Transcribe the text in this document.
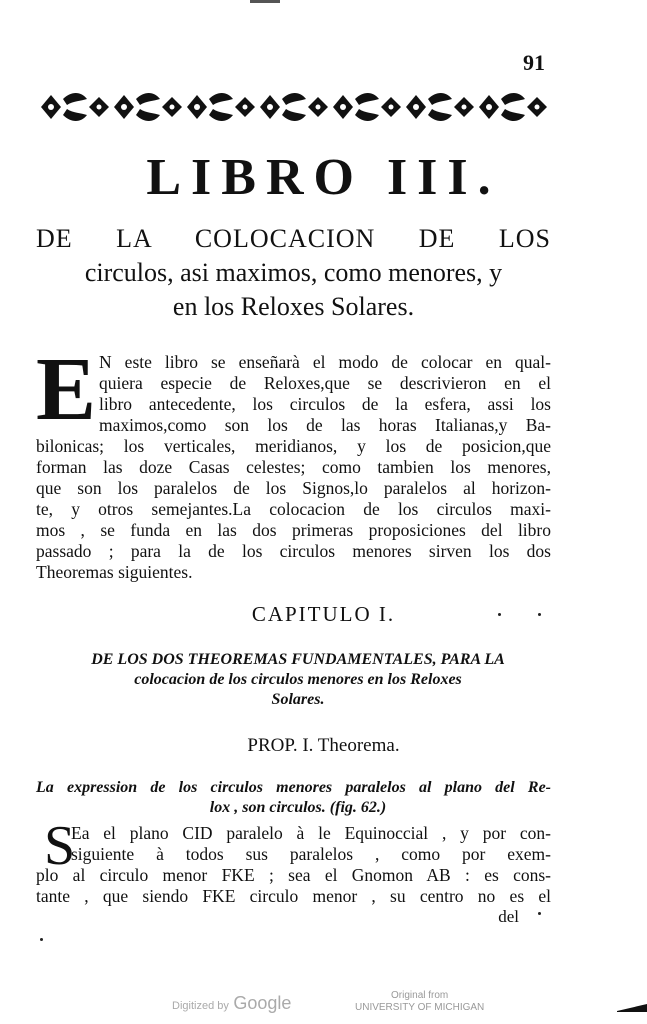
91
LIBRO III.
DE LA COLOCACION DE LOS
circulos, asi maximos, como menores, y
en los Reloxes Solares.
E N este libro se enseñarà el modo de colocar en qual-
quiera especie de Reloxes,que se descrivieron en el
libro antecedente, los circulos de la esfera, assi los
maximos,como son los de las horas Italianas,y Ba-
bilonicas; los verticales, meridianos, y los de posicion,que
forman las doze Casas celestes; como tambien los menores,
que son los paralelos de los Signos,lo paralelos al horizon-
te, y otros semejantes.La colocacion de los circulos maxi-
mos , se funda en las dos primeras proposiciones del libro
passado ; para la de los circulos menores sirven los dos
Theoremas siguientes.
CAPITULO I.
DE LOS DOS THEOREMAS FUNDAMENTALES, PARA LA
colocacion de los circulos menores en los Reloxes
Solares.
PROP. I. Theorema.
La expression de los circulos menores paralelos al plano del Re-
lox , son circulos. (fig. 62.)
S
Ea el plano CID paralelo à le Equinoccial , y por con-
siguiente à todos sus paralelos , como por exem-
plo al circulo menor FKE ; sea el Gnomon AB : es cons-
tante , que siendo FKE circulo menor , su centro no es el
del
Digitized by Google	Original from
UNIVERSITY OF MICHIGAN
